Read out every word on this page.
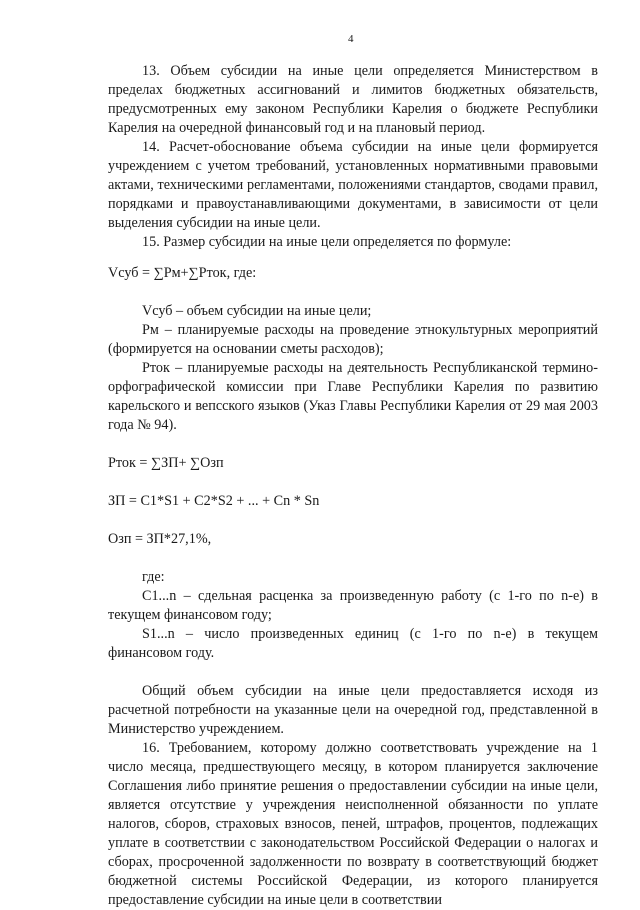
4

13. Объем субсидии на иные цели определяется Министерством в пределах бюджетных ассигнований и лимитов бюджетных обязательств, предусмотренных ему законом Республики Карелия о бюджете Республики Карелия на очередной финансовый год и на плановый период.

14. Расчет-обоснование объема субсидии на иные цели формируется учреждением с учетом требований, установленных нормативными правовыми актами, техническими регламентами, положениями стандартов, сводами правил, порядками и правоустанавливающими документами, в зависимости от цели выделения субсидии на иные цели.

15. Размер субсидии на иные цели определяется по формуле:

Vсуб = ∑Pм+∑Pток, где:

Vсуб – объем субсидии на иные цели;

Pм – планируемые расходы на проведение этнокультурных мероприятий (формируется на основании сметы расходов);

Pток – планируемые расходы на деятельность Республиканской термино-орфографической комиссии при Главе Республики Карелия по развитию карельского и вепсского языков (Указ Главы Республики Карелия от 29 мая 2003 года № 94).

Pток = ∑ЗП+ ∑Озп

ЗП = C1*S1 + C2*S2 + ... + Cn * Sn

Озп = ЗП*27,1%,

где:

C1...n – сдельная расценка за произведенную работу (с 1-го по n-е) в текущем финансовом году;

S1...n – число произведенных единиц (с 1-го по n-е) в текущем финансовом году.

Общий объем субсидии на иные цели предоставляется исходя из расчетной потребности на указанные цели на очередной год, представленной в Министерство учреждением.

16. Требованием, которому должно соответствовать учреждение на 1 число месяца, предшествующего месяцу, в котором планируется заключение Соглашения либо принятие решения о предоставлении субсидии на иные цели, является отсутствие у учреждения неисполненной обязанности по уплате налогов, сборов, страховых взносов, пеней, штрафов, процентов, подлежащих уплате в соответствии с законодательством Российской Федерации о налогах и сборах, просроченной задолженности по возврату в соответствующий бюджет бюджетной системы Российской Федерации, из которого планируется предоставление субсидии на иные цели в соответствии
